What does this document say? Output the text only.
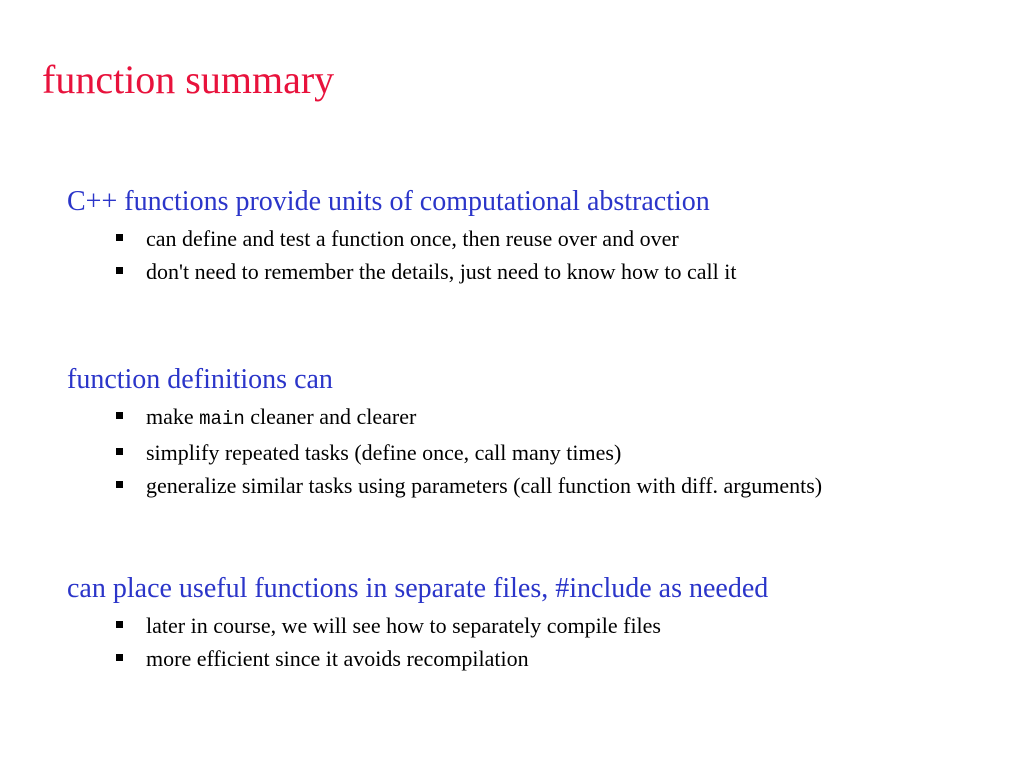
function summary
C++ functions provide units of computational abstraction
can define and test a function once, then reuse over and over
don't need to remember the details, just need to know how to call it
function definitions can
make main cleaner and clearer
simplify repeated tasks (define once, call many times)
generalize similar tasks using parameters (call function with diff. arguments)
can place useful functions in separate files, #include as needed
later in course, we will see how to separately compile files
more efficient since it avoids recompilation
